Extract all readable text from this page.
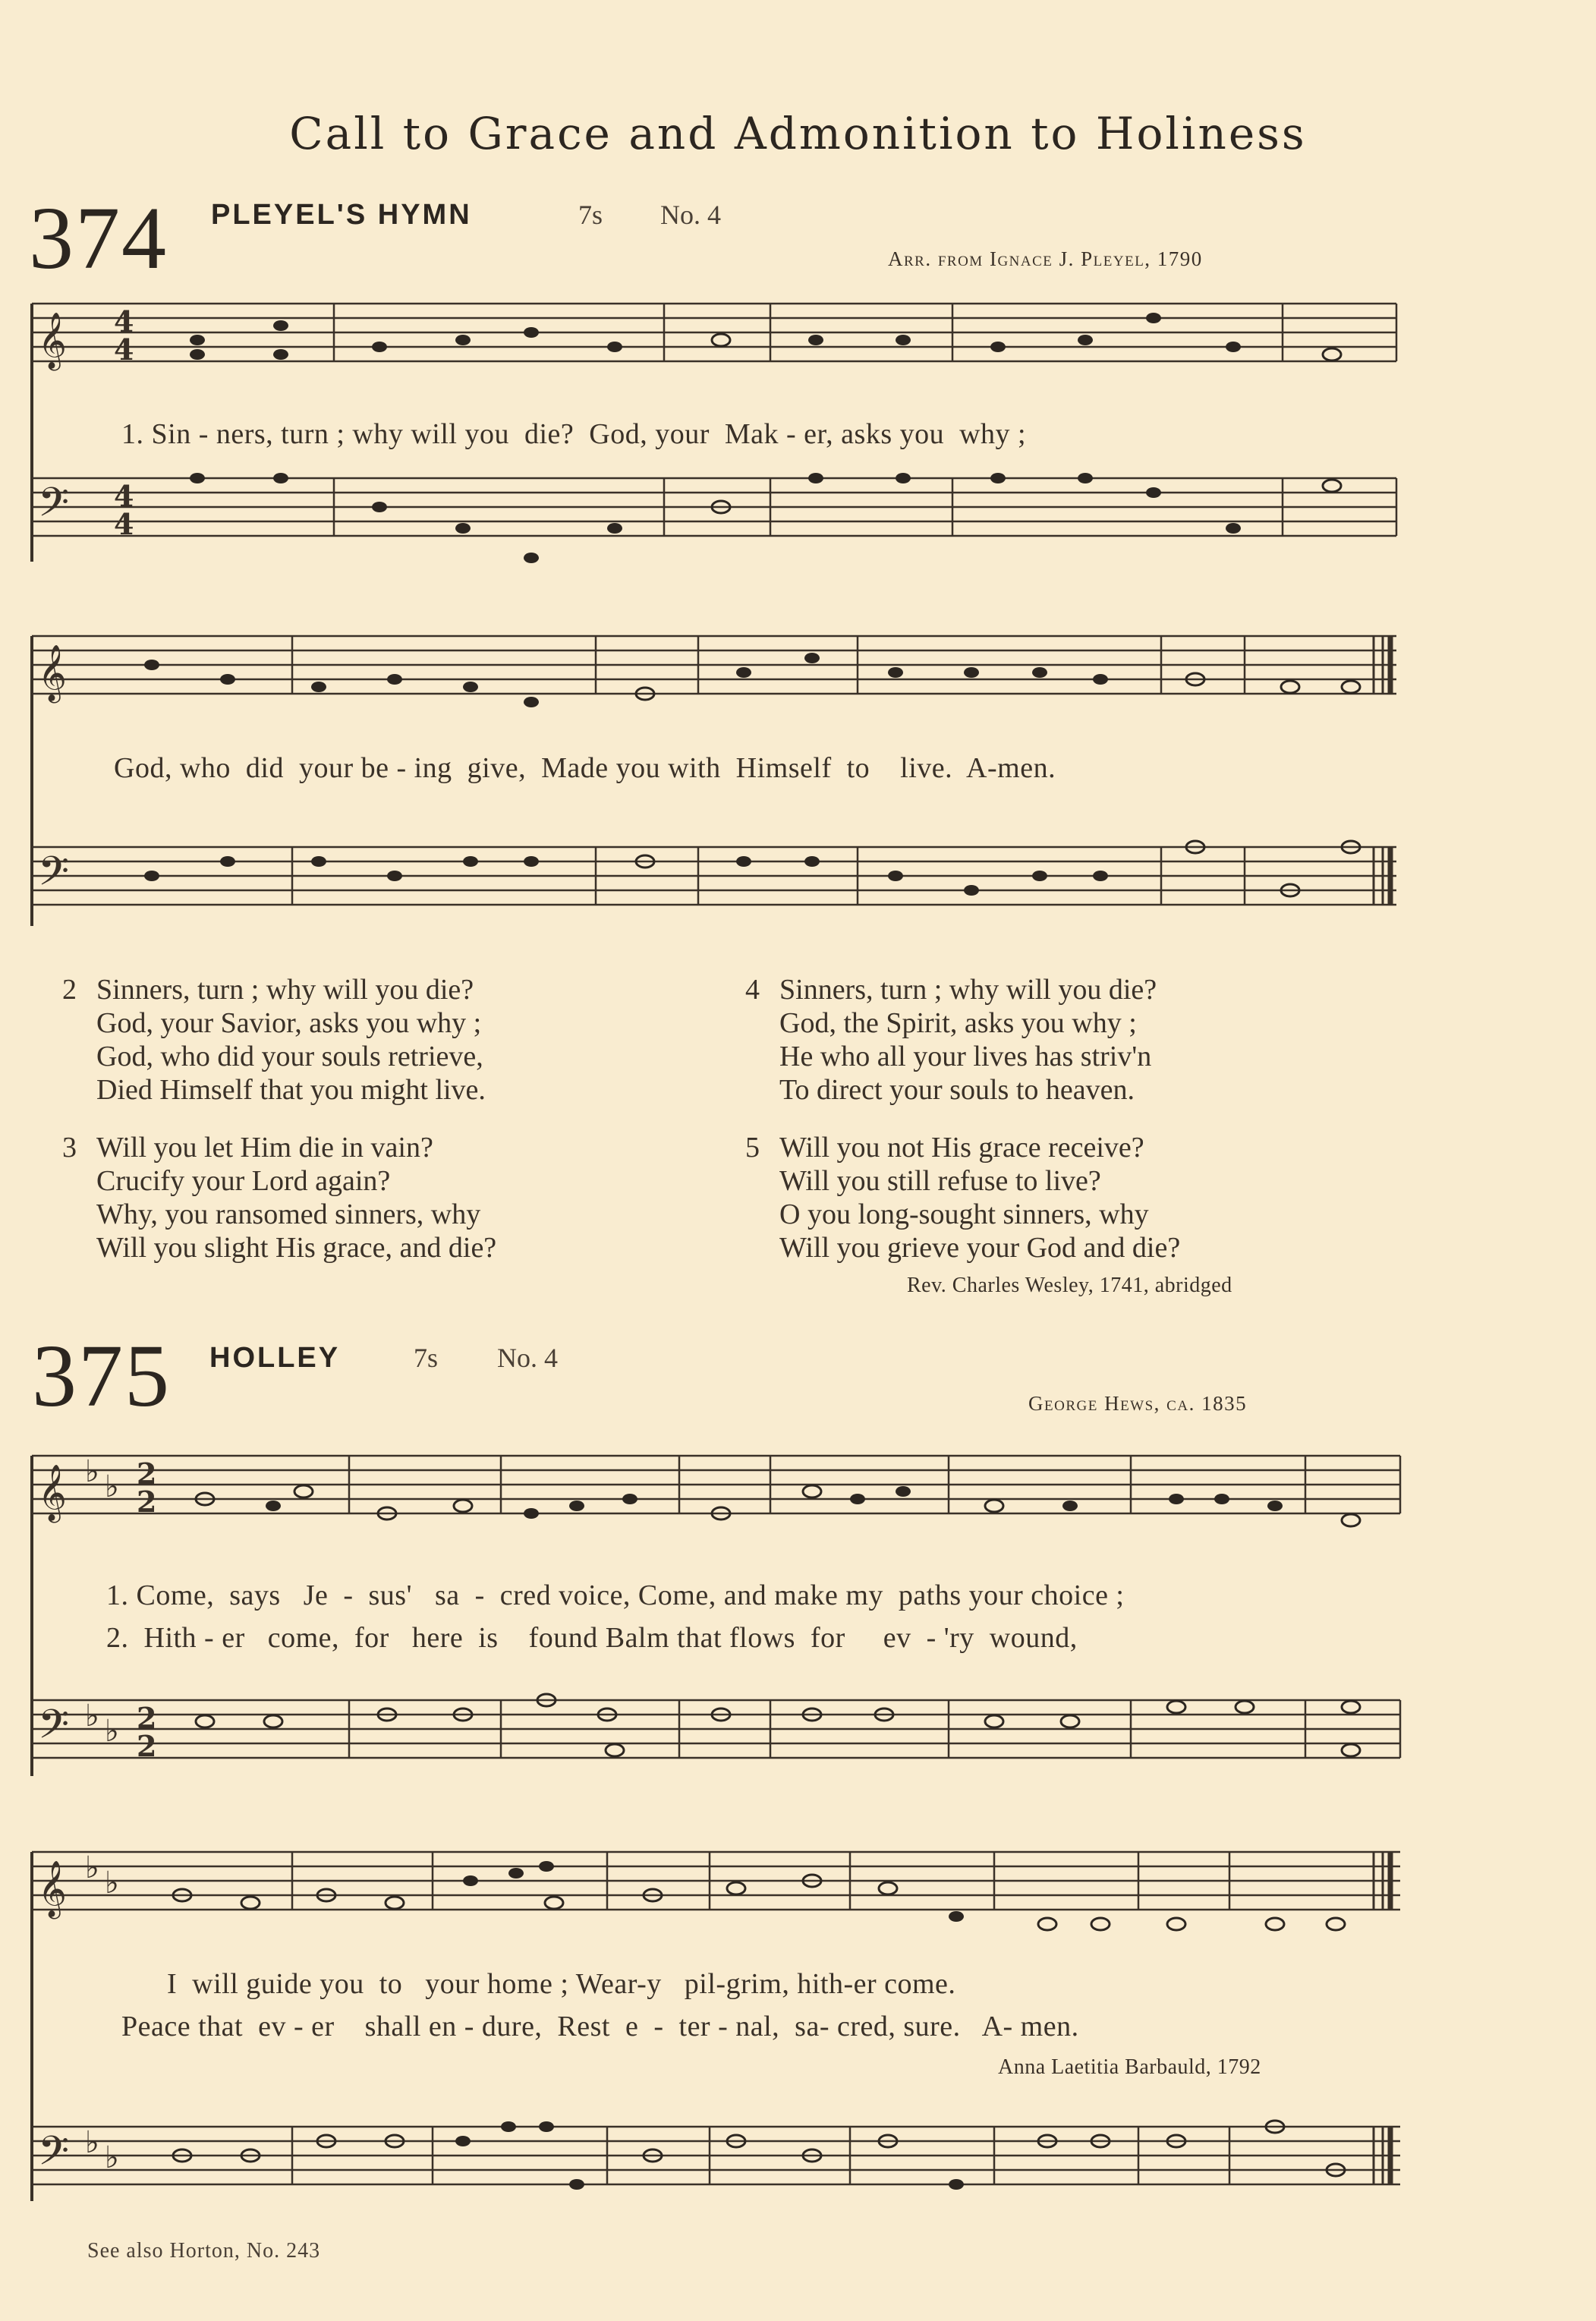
Call to Grace and Admonition to Holiness
374 PLEYEL'S HYMN	7s No. 4
Arr. from Ignace J. Pleyel, 1790
𝄞
𝄢
𝄞
𝄢
4
4
4
4
1. Sin - ners, turn ; why will you  die?  God, your  Mak - er, asks you  why ;
God, who  did  your be - ing  give,  Made you with  Himself  to    live.  A-men.
2 Sinners, turn ; why will you die?
God, your Savior, asks you why ;
God, who did your souls retrieve,
Died Himself that you might live.
3 Will you let Him die in vain?
Crucify your Lord again?
Why, you ransomed sinners, why
Will you slight His grace, and die?
4 Sinners, turn ; why will you die?
God, the Spirit, asks you why ;
He who all your lives has striv'n
To direct your souls to heaven.
5 Will you not His grace receive?
Will you still refuse to live?
O you long-sought sinners, why
Will you grieve your God and die?
Rev. Charles Wesley, 1741, abridged
375 HOLLEY	7s No. 4
George Hews, ca. 1835
𝄞
𝄢
𝄞
𝄢
♭ ♭
♭ ♭
♭ ♭
♭ ♭
2
2
2
2
1. Come,  says   Je  -  sus'   sa  -  cred voice, Come, and make my  paths your choice ;
2.  Hith - er   come,  for   here  is    found Balm that flows  for     ev  - 'ry  wound,
I  will guide you  to   your home ; Wear-y   pil-grim, hith-er come.
Peace that  ev - er    shall en - dure,  Rest  e  -  ter - nal,  sa- cred, sure.   A- men.
Anna Laetitia Barbauld, 1792
See also Horton, No. 243
